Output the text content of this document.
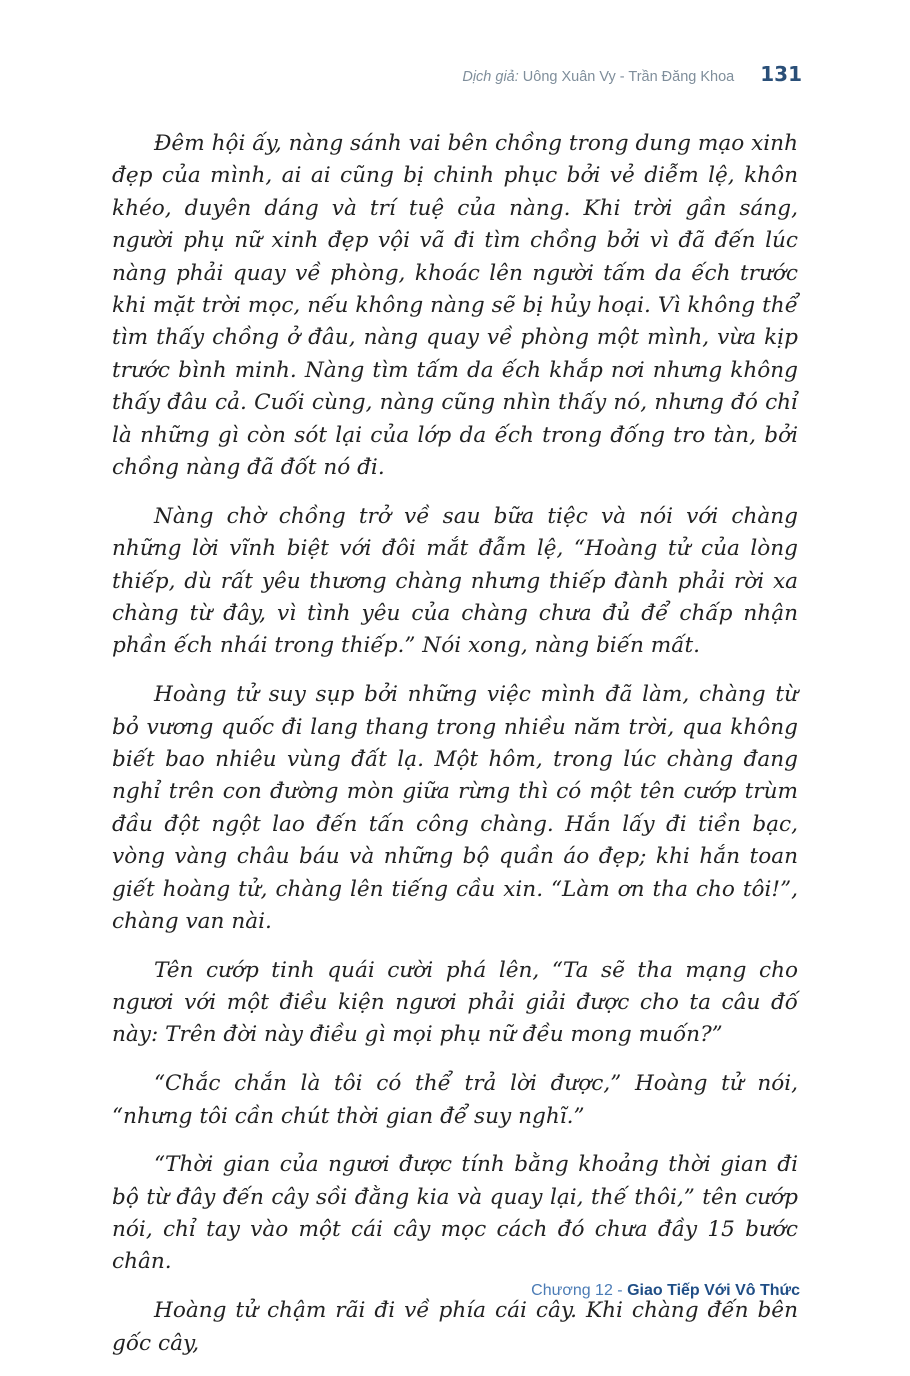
Dịch giả: Uông Xuân Vy - Trần Đăng Khoa 131

Đêm hội ấy, nàng sánh vai bên chồng trong dung mạo xinh đẹp của mình, ai ai cũng bị chinh phục bởi vẻ diễm lệ, khôn khéo, duyên dáng và trí tuệ của nàng. Khi trời gần sáng, người phụ nữ xinh đẹp vội vã đi tìm chồng bởi vì đã đến lúc nàng phải quay về phòng, khoác lên người tấm da ếch trước khi mặt trời mọc, nếu không nàng sẽ bị hủy hoại. Vì không thể tìm thấy chồng ở đâu, nàng quay về phòng một mình, vừa kịp trước bình minh. Nàng tìm tấm da ếch khắp nơi nhưng không thấy đâu cả. Cuối cùng, nàng cũng nhìn thấy nó, nhưng đó chỉ là những gì còn sót lại của lớp da ếch trong đống tro tàn, bởi chồng nàng đã đốt nó đi.

Nàng chờ chồng trở về sau bữa tiệc và nói với chàng những lời vĩnh biệt với đôi mắt đẫm lệ, “Hoàng tử của lòng thiếp, dù rất yêu thương chàng nhưng thiếp đành phải rời xa chàng từ đây, vì tình yêu của chàng chưa đủ để chấp nhận phần ếch nhái trong thiếp.” Nói xong, nàng biến mất.

Hoàng tử suy sụp bởi những việc mình đã làm, chàng từ bỏ vương quốc đi lang thang trong nhiều năm trời, qua không biết bao nhiêu vùng đất lạ. Một hôm, trong lúc chàng đang nghỉ trên con đường mòn giữa rừng thì có một tên cướp trùm đầu đột ngột lao đến tấn công chàng. Hắn lấy đi tiền bạc, vòng vàng châu báu và những bộ quần áo đẹp; khi hắn toan giết hoàng tử, chàng lên tiếng cầu xin. “Làm ơn tha cho tôi!”, chàng van nài.

Tên cướp tinh quái cười phá lên, “Ta sẽ tha mạng cho ngươi với một điều kiện ngươi phải giải được cho ta câu đố này: Trên đời này điều gì mọi phụ nữ đều mong muốn?”

“Chắc chắn là tôi có thể trả lời được,” Hoàng tử nói, “nhưng tôi cần chút thời gian để suy nghĩ.”

“Thời gian của ngươi được tính bằng khoảng thời gian đi bộ từ đây đến cây sồi đằng kia và quay lại, thế thôi,” tên cướp nói, chỉ tay vào một cái cây mọc cách đó chưa đầy 15 bước chân.

Hoàng tử chậm rãi đi về phía cái cây. Khi chàng đến bên gốc cây,

Chương 12 - Giao Tiếp Với Vô Thức
